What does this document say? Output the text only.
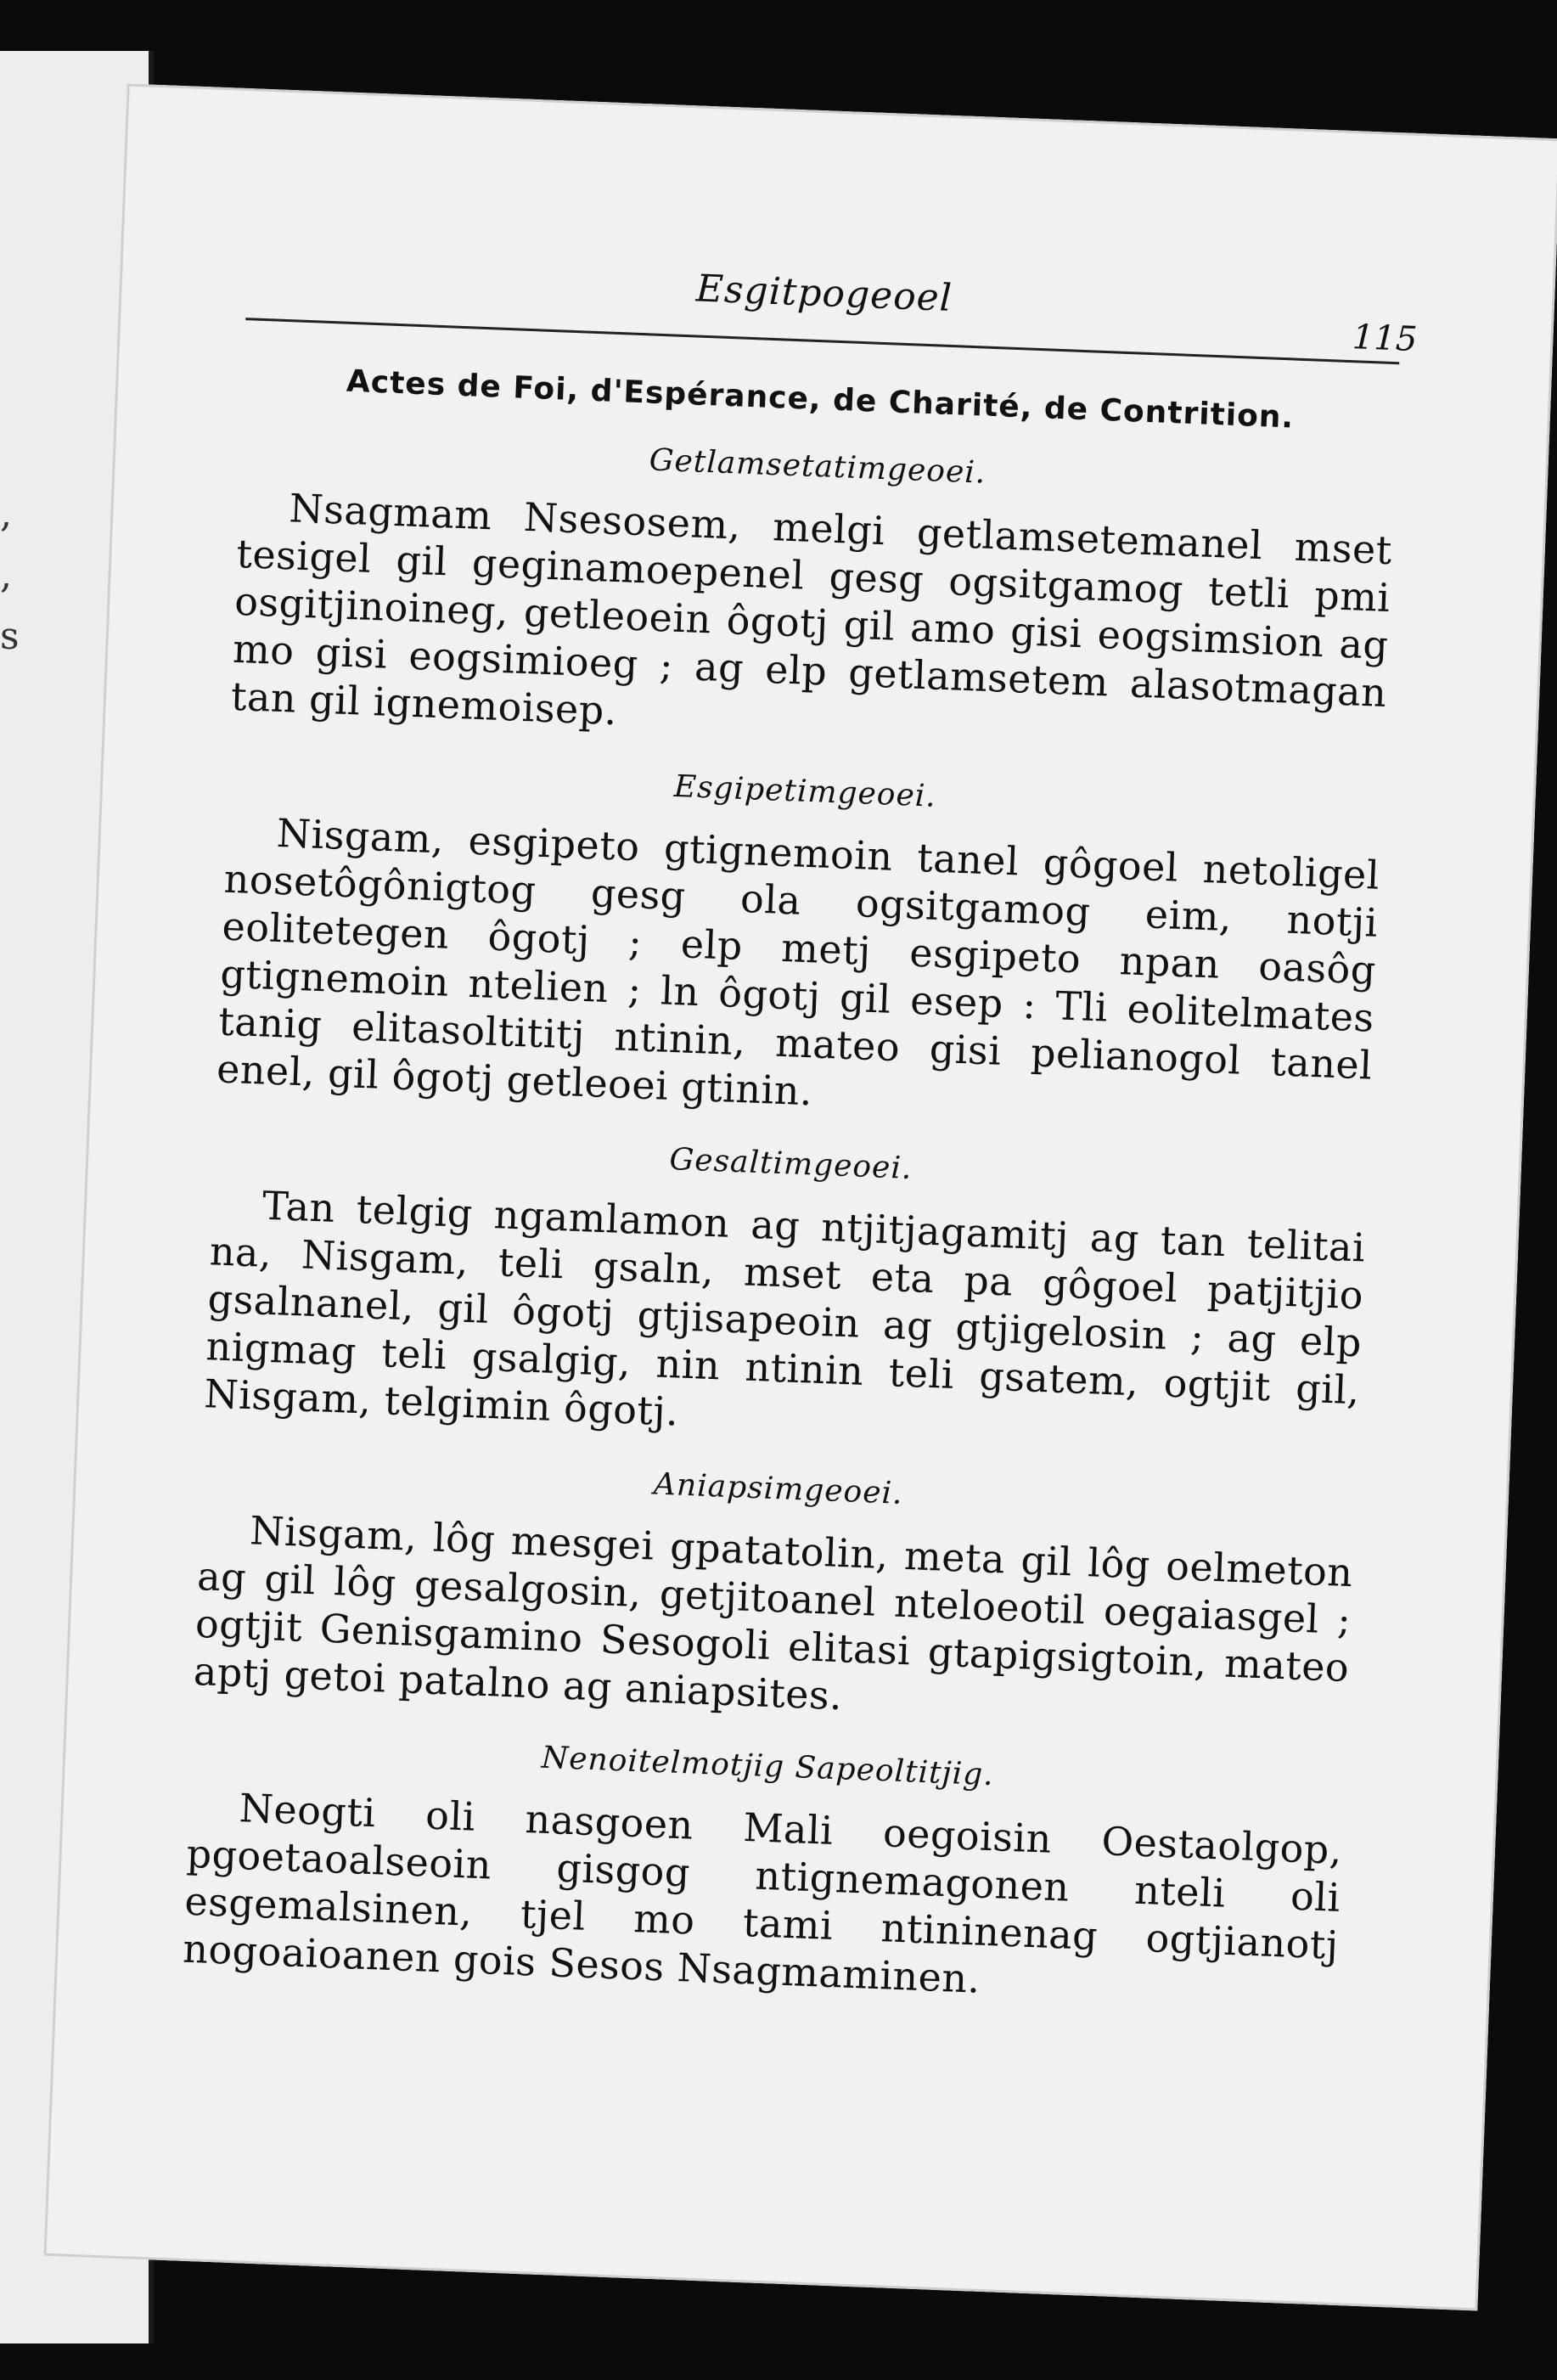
,
,
s
Esgitpogeoel
115
Actes de Foi, d'Espérance, de Charité, de Contrition.
Getlamsetatimgeoei.

Nsagmam Nsesosem, melgi getlamsetemanel mset tesigel gil geginamoepenel gesg ogsitgamog tetli pmi osgitjinoineg, getleoein ôgotj gil amo gisi eogsimsion ag mo gisi eogsimioeg ; ag elp getlamsetem alasotmagan tan gil ignemoisep.

Esgipetimgeoei.

Nisgam, esgipeto gtignemoin tanel gôgoel netoligel nosetôgônigtog gesg ola ogsitgamog eim, notji eolitetegen ôgotj ; elp metj esgipeto npan oasôg gtignemoin ntelien ; ln ôgotj gil esep : Tli eolitelmates tanig elitasoltititj ntinin, mateo gisi pelianogol tanel enel, gil ôgotj getleoei gtinin.

Gesaltimgeoei.

Tan telgig ngamlamon ag ntjitjagamitj ag tan telitai na, Nisgam, teli gsaln, mset eta pa gôgoel patjitjio gsalnanel, gil ôgotj gtjisapeoin ag gtjigelosin ; ag elp nigmag teli gsalgig, nin ntinin teli gsatem, ogtjit gil, Nisgam, telgimin ôgotj.

Aniapsimgeoei.

Nisgam, lôg mesgei gpatatolin, meta gil lôg oelmeton ag gil lôg gesalgosin, getjitoanel nteloeotil oegaiasgel ; ogtjit Genisgamino Sesogoli elitasi gtapigsigtoin, mateo aptj getoi patalno ag aniapsites.

Nenoitelmotjig Sapeoltitjig.

Neogti oli nasgoen Mali oegoisin Oestaolgop, pgoetaoalseoin gisgog ntignemagonen nteli oli esgemalsinen, tjel mo tami ntininenag ogtjianotj nogoaioanen gois Sesos Nsagmaminen.
